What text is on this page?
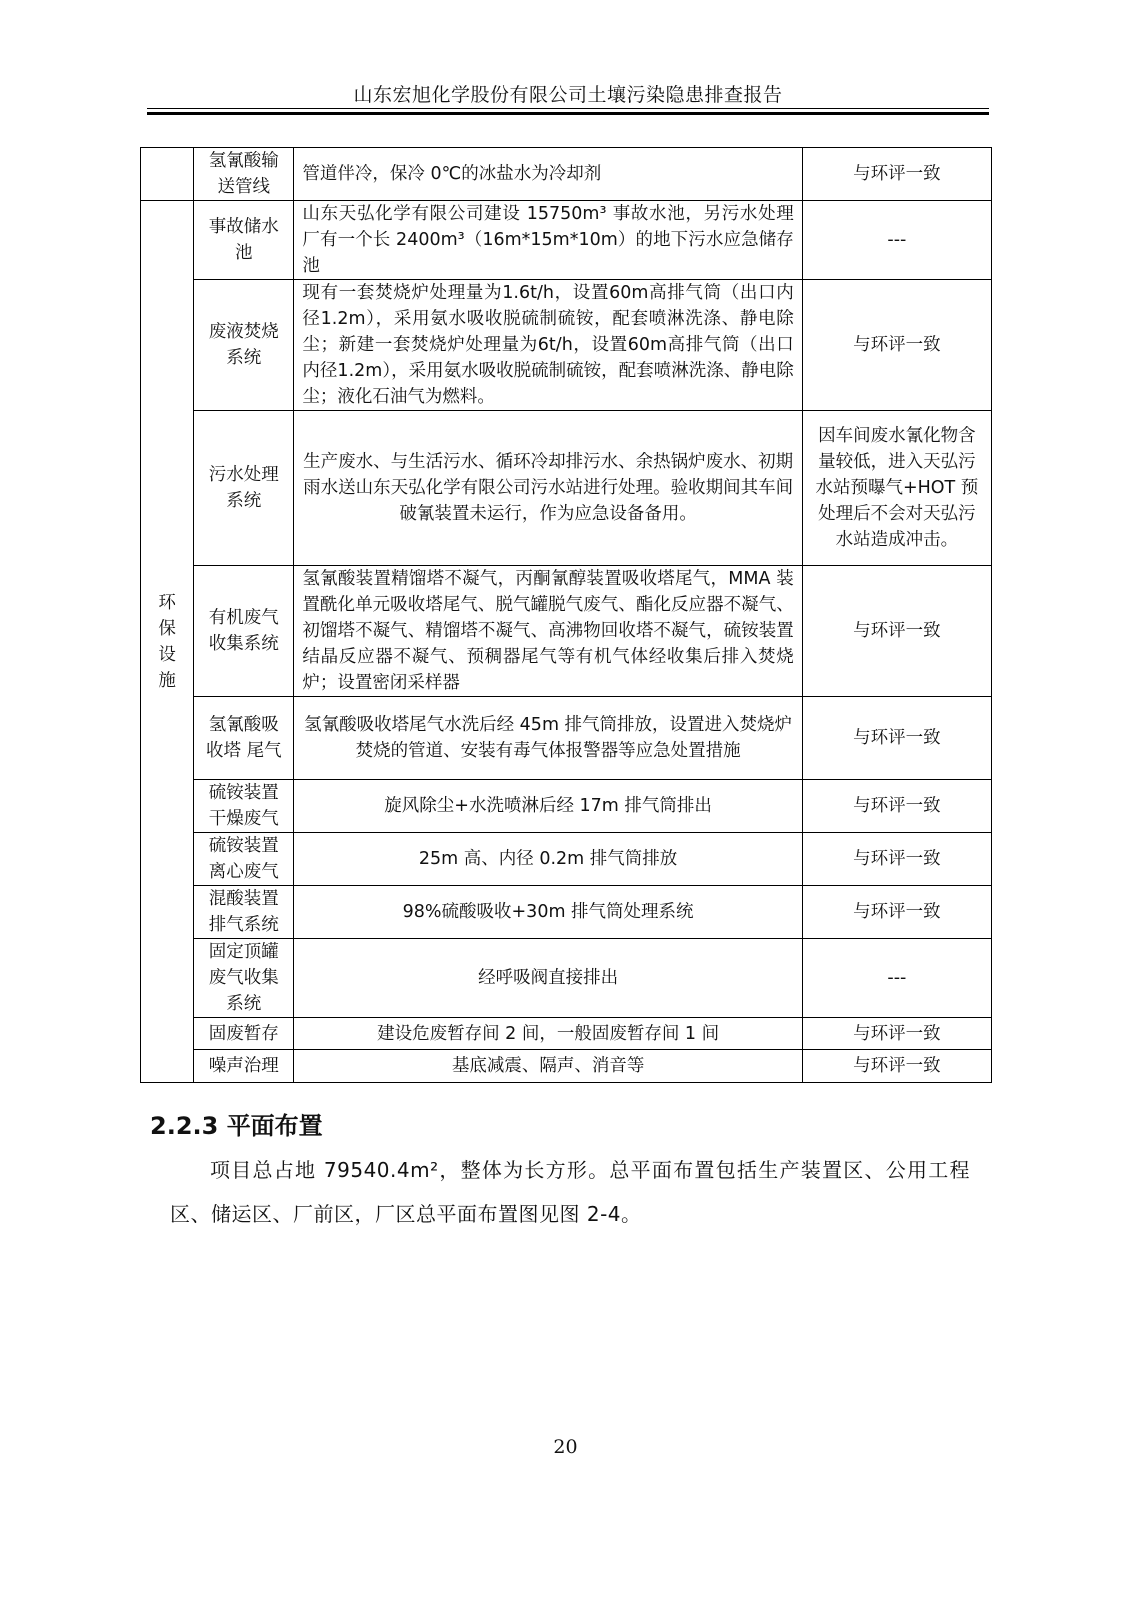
山东宏旭化学股份有限公司土壤污染隐患排查报告
	氢氰酸输送管线	管道伴冷，保冷 0℃的冰盐水为冷却剂	与环评一致

环保设施	事故储水池	山东天弘化学有限公司建设 15750m³ 事故水池，另污水处理厂有一个长 2400m³（16m*15m*10m）的地下污水应急储存池	---
	废液焚烧系统	现有一套焚烧炉处理量为1.6t/h，设置60m高排气筒（出口内径1.2m），采用氨水吸收脱硫制硫铵，配套喷淋洗涤、静电除尘；新建一套焚烧炉处理量为6t/h，设置60m高排气筒（出口内径1.2m），采用氨水吸收脱硫制硫铵，配套喷淋洗涤、静电除尘；液化石油气为燃料。	与环评一致
	污水处理系统	生产废水、与生活污水、循环冷却排污水、余热锅炉废水、初期雨水送山东天弘化学有限公司污水站进行处理。验收期间其车间破氰装置未运行，作为应急设备备用。	因车间废水氰化物含量较低，进入天弘污水站预曝气+HOT 预处理后不会对天弘污水站造成冲击。
	有机废气收集系统	氢氰酸装置精馏塔不凝气，丙酮氰醇装置吸收塔尾气，MMA 装置酰化单元吸收塔尾气、脱气罐脱气废气、酯化反应器不凝气、初馏塔不凝气、精馏塔不凝气、高沸物回收塔不凝气，硫铵装置结晶反应器不凝气、预稠器尾气等有机气体经收集后排入焚烧炉；设置密闭采样器	与环评一致
	氢氰酸吸收塔 尾气	氢氰酸吸收塔尾气水洗后经 45m 排气筒排放，设置进入焚烧炉焚烧的管道、安装有毒气体报警器等应急处置措施	与环评一致
	硫铵装置干燥废气	旋风除尘+水洗喷淋后经 17m 排气筒排出	与环评一致
	硫铵装置离心废气	25m 高、内径 0.2m 排气筒排放	与环评一致
	混酸装置排气系统	98%硫酸吸收+30m 排气筒处理系统	与环评一致
	固定顶罐废气收集系统	经呼吸阀直接排出	---
	固废暂存	建设危废暂存间 2 间，一般固废暂存间 1 间	与环评一致
	噪声治理	基底减震、隔声、消音等	与环评一致
2.2.3 平面布置
项目总占地 79540.4m²，整体为长方形。总平面布置包括生产装置区、公用工程区、储运区、厂前区，厂区总平面布置图见图 2-4。
20
